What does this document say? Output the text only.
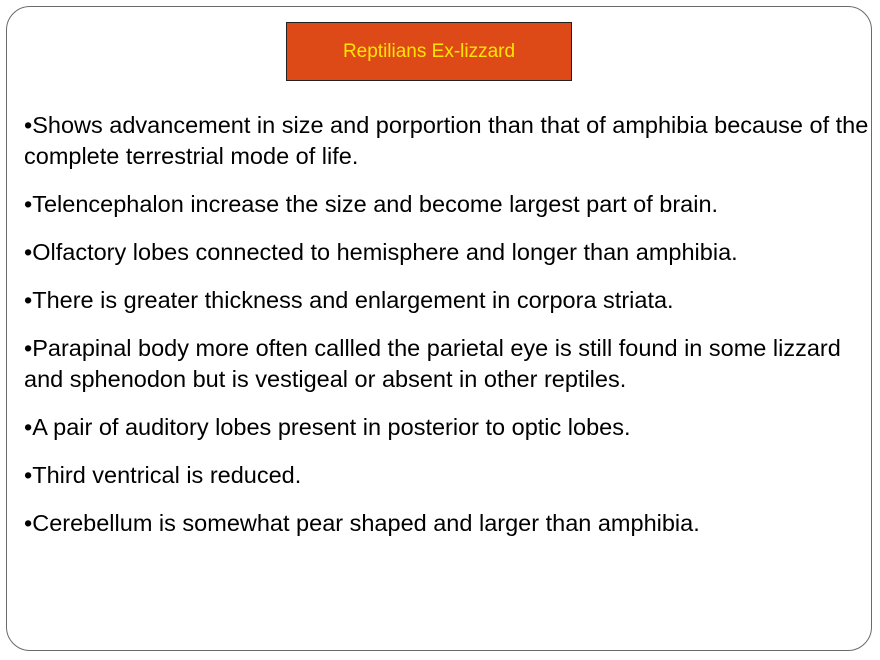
Reptilians Ex-lizzard
•Shows advancement in size and porportion than that of amphibia because of the complete terrestrial mode of life.
•Telencephalon increase the size and become largest part of brain.
•Olfactory lobes connected to hemisphere and longer than amphibia.
•There is greater thickness and enlargement in corpora striata.
•Parapinal body more often callled the parietal eye is still found in some lizzard and sphenodon but is vestigeal or absent in other reptiles.
•A pair of auditory lobes present in posterior to optic lobes.
•Third ventrical is reduced.
•Cerebellum is somewhat pear shaped and larger than amphibia.
